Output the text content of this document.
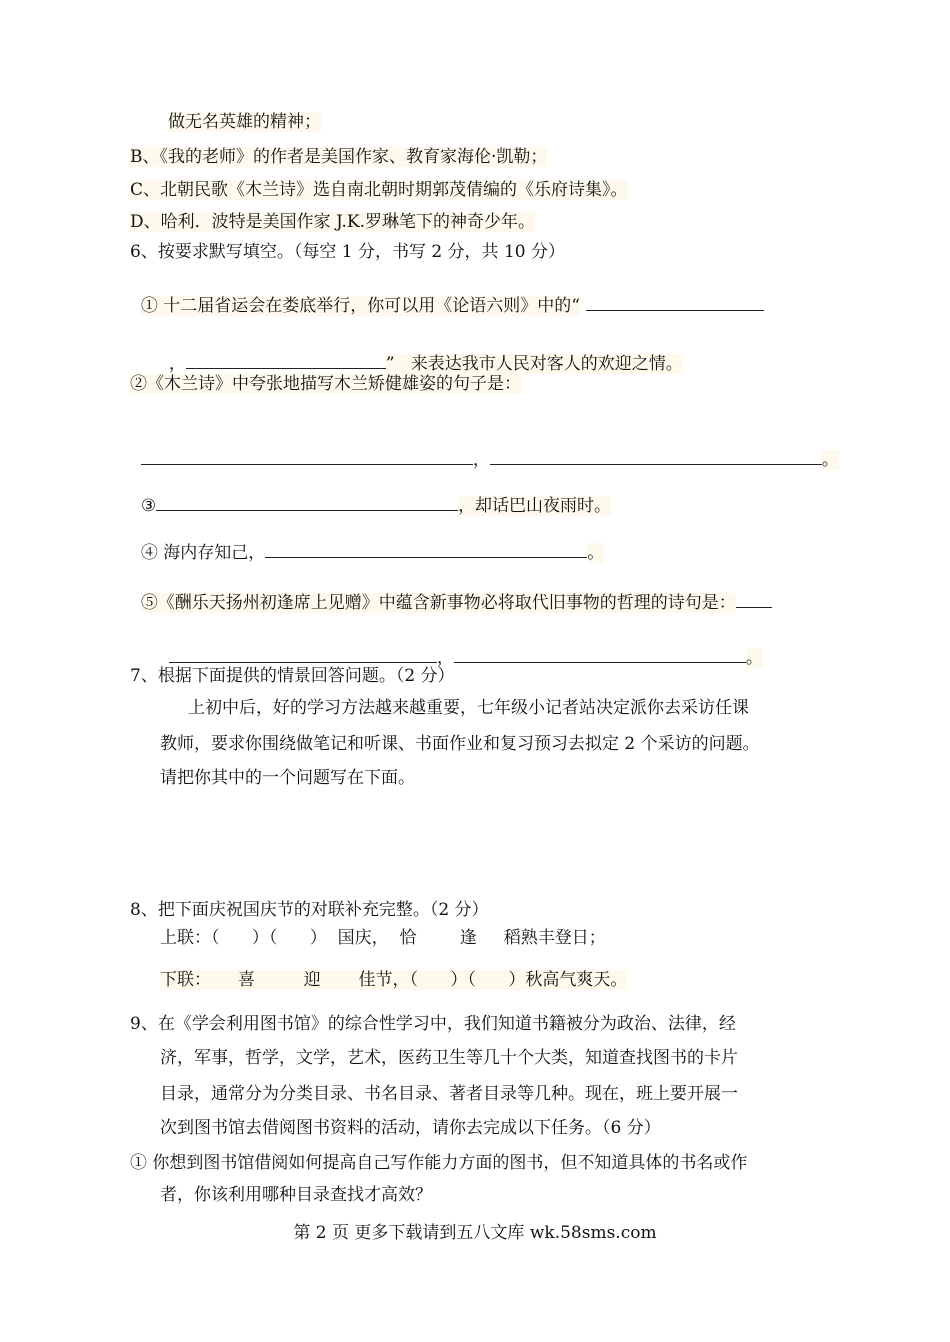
做无名英雄的精神；
B、《我的老师》的作者是美国作家、教育家海伦·凯勒；
C、北朝民歌《木兰诗》选自南北朝时期郭茂倩编的《乐府诗集》。
D、哈利．波特是美国作家 J.K.罗琳笔下的神奇少年。
6、按要求默写填空。（每空 1 分，书写 2 分，共 10 分）

① 十二届省运会在娄底举行，你可以用《论语六则》中的“

，	”   来表达我市人民对客人的欢迎之情。

②《木兰诗》中夸张地描写木兰矫健雄姿的句子是：

，	。

③	，却话巴山夜雨时。

④ 海内存知己，	。

⑤《酬乐天扬州初逢席上见赠》中蕴含新事物必将取代旧事物的哲理的诗句是：

，	。

7、根据下面提供的情景回答问题。（2 分）
上初中后，好的学习方法越来越重要，七年级小记者站决定派你去采访任课
教师，要求你围绕做笔记和听课、书面作业和复习预习去拟定 2 个采访的问题。
请把你其中的一个问题写在下面。
8、把下面庆祝国庆节的对联补充完整。（2 分）
上联：（      ）（      ）  国庆，  恰        逢     稻熟丰登日；
下联：     喜         迎       佳节，（      ）（      ）秋高气爽天。
9、在《学会利用图书馆》的综合性学习中，我们知道书籍被分为政治、法律，经
济，军事，哲学，文学，艺术，医药卫生等几十个大类，知道查找图书的卡片
目录，通常分为分类目录、书名目录、著者目录等几种。现在，班上要开展一
次到图书馆去借阅图书资料的活动，请你去完成以下任务。（6 分）
① 你想到图书馆借阅如何提高自己写作能力方面的图书，但不知道具体的书名或作
者，你该利用哪种目录查找才高效？
第 2 页 更多下载请到五八文库 wk.58sms.com
